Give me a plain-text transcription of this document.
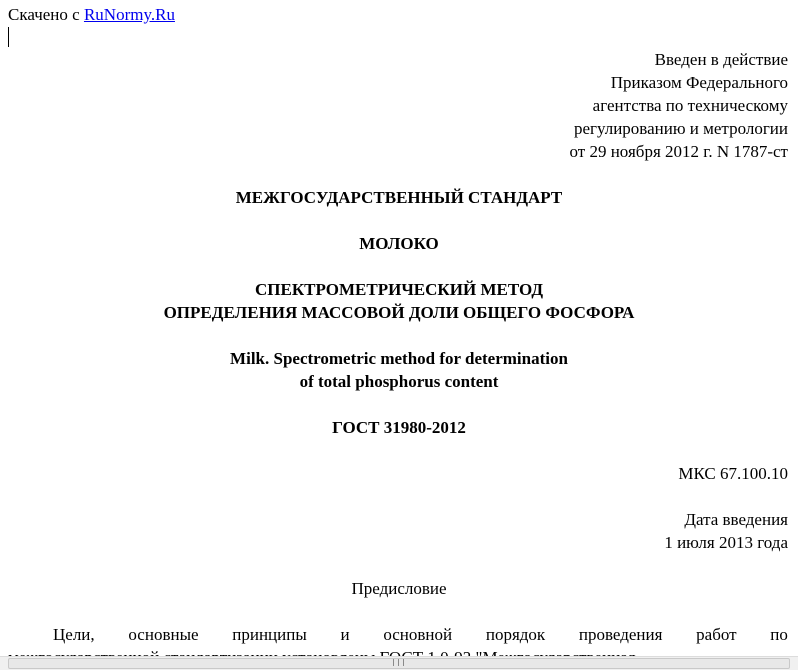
Скачено с RuNormy.Ru
Введен в действие
Приказом Федерального
агентства по техническому
регулированию и метрологии
от 29 ноября 2012 г. N 1787-ст
МЕЖГОСУДАРСТВЕННЫЙ СТАНДАРТ
МОЛОКО
СПЕКТРОМЕТРИЧЕСКИЙ МЕТОД
ОПРЕДЕЛЕНИЯ МАССОВОЙ ДОЛИ ОБЩЕГО ФОСФОРА
Milk. Spectrometric method for determination
of total phosphorus content
ГОСТ 31980-2012
МКС 67.100.10
Дата введения
1 июля 2013 года
Предисловие
Цели, основные принципы и основной порядок проведения работ по
